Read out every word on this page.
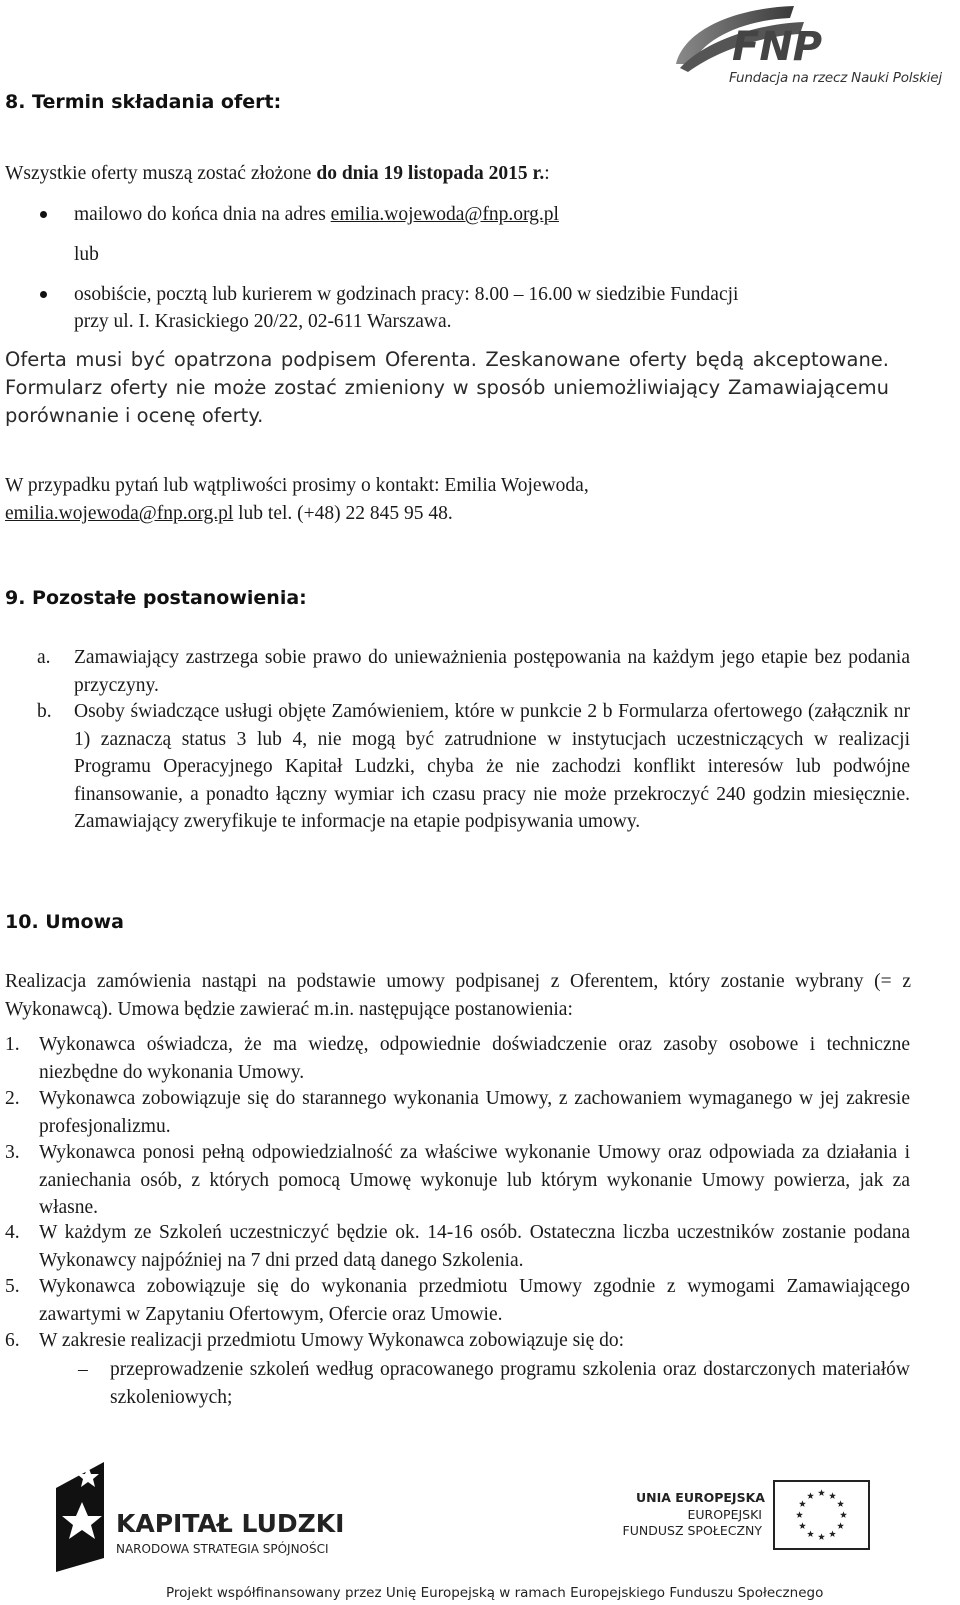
FNP
Fundacja na rzecz Nauki Polskiej
8. Termin składania ofert:
Wszystkie oferty muszą zostać złożone do dnia 19 listopada 2015 r.:
mailowo do końca dnia na adres emilia.wojewoda@fnp.org.pl
lub
osobiście, pocztą lub kurierem w godzinach pracy: 8.00 – 16.00 w siedzibie Fundacji
przy ul. I. Krasickiego 20/22, 02-611 Warszawa.
Oferta musi być opatrzona podpisem Oferenta. Zeskanowane oferty będą akceptowane. Formularz oferty nie może zostać zmieniony w sposób uniemożliwiający Zamawiającemu porównanie i ocenę oferty.
W przypadku pytań lub wątpliwości prosimy o kontakt: Emilia Wojewoda,
emilia.wojewoda@fnp.org.pl lub tel. (+48) 22 845 95 48.
9. Pozostałe postanowienia:
a. Zamawiający zastrzega sobie prawo do unieważnienia postępowania na każdym jego etapie bez podania przyczyny.
b. Osoby świadczące usługi objęte Zamówieniem, które w punkcie 2 b Formularza ofertowego (załącznik nr 1) zaznaczą status 3 lub 4, nie mogą być zatrudnione w instytucjach uczestniczących w realizacji Programu Operacyjnego Kapitał Ludzki, chyba że nie zachodzi konflikt interesów lub podwójne finansowanie, a ponadto łączny wymiar ich czasu pracy nie może przekroczyć 240 godzin miesięcznie. Zamawiający zweryfikuje te informacje na etapie podpisywania umowy.
10. Umowa
Realizacja zamówienia nastąpi na podstawie umowy podpisanej z Oferentem, który zostanie wybrany (= z Wykonawcą). Umowa będzie zawierać m.in. następujące postanowienia:
1. Wykonawca oświadcza, że ma wiedzę, odpowiednie doświadczenie oraz zasoby osobowe i techniczne niezbędne do wykonania Umowy.
2. Wykonawca zobowiązuje się do starannego wykonania Umowy, z zachowaniem wymaganego w jej zakresie profesjonalizmu.
3. Wykonawca ponosi pełną odpowiedzialność za właściwe wykonanie Umowy oraz odpowiada za działania i zaniechania osób, z których pomocą Umowę wykonuje lub którym wykonanie Umowy powierza, jak za własne.
4. W każdym ze Szkoleń uczestniczyć będzie ok. 14-16 osób. Ostateczna liczba uczestników zostanie podana Wykonawcy najpóźniej na 7 dni przed datą danego Szkolenia.
5. Wykonawca zobowiązuje się do wykonania przedmiotu Umowy zgodnie z wymogami Zamawiającego zawartymi w Zapytaniu Ofertowym, Ofercie oraz Umowie.
6. W zakresie realizacji przedmiotu Umowy Wykonawca zobowiązuje się do:
– przeprowadzenie szkoleń według opracowanego programu szkolenia oraz dostarczonych materiałów szkoleniowych;
KAPITAŁ LUDZKI
NARODOWA STRATEGIA SPÓJNOŚCI
UNIA EUROPEJSKA
EUROPEJSKI
FUNDUSZ SPOŁECZNY
Projekt współfinansowany przez Unię Europejską w ramach Europejskiego Funduszu Społecznego
